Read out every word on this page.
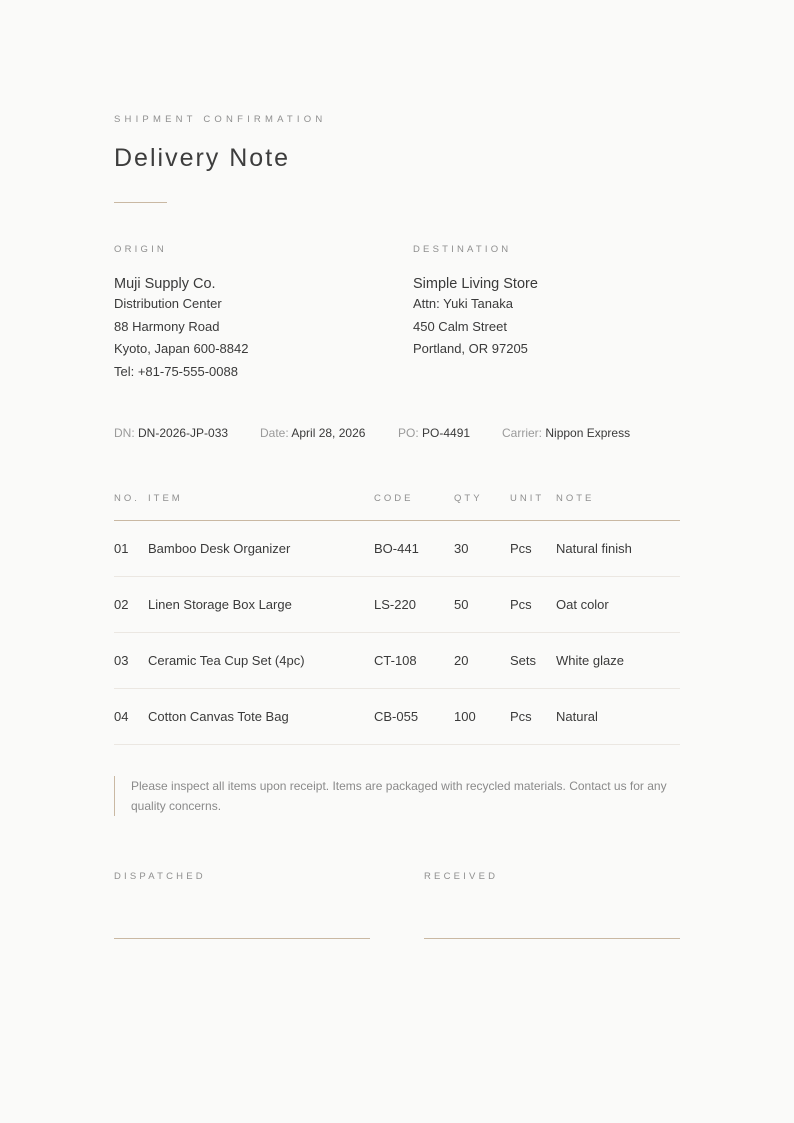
SHIPMENT CONFIRMATION
Delivery Note
ORIGIN
Muji Supply Co.
Distribution Center
88 Harmony Road
Kyoto, Japan 600-8842
Tel: +81-75-555-0088
DESTINATION
Simple Living Store
Attn: Yuki Tanaka
450 Calm Street
Portland, OR 97205
DN: DN-2026-JP-033	Date: April 28, 2026	PO: PO-4491	Carrier: Nippon Express
NO. ITEM	CODE	QTY	UNIT NOTE
01 Bamboo Desk Organizer	BO-441	30	Pcs Natural finish
02 Linen Storage Box Large	LS-220	50	Pcs Oat color
03 Ceramic Tea Cup Set (4pc)	CT-108	20	Sets White glaze
04 Cotton Canvas Tote Bag	CB-055	100	Pcs Natural
Please inspect all items upon receipt. Items are packaged with recycled materials. Contact us for any quality concerns.
DISPATCHED	RECEIVED
